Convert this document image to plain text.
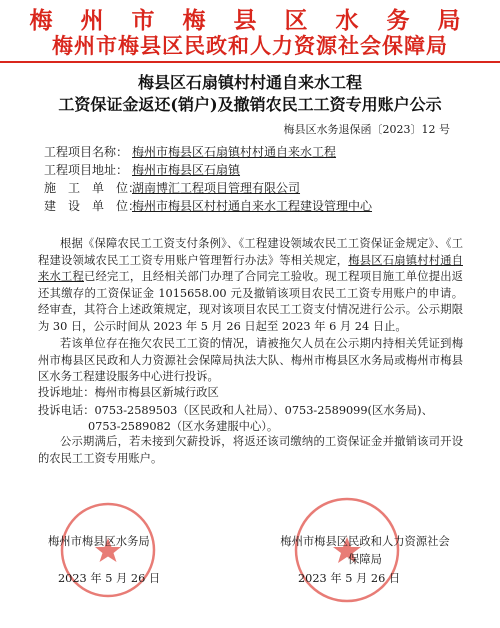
梅 州 市 梅 县 区 水 务 局
梅州市梅县区民政和人力资源社会保障局
梅县区石扇镇村村通自来水工程
工资保证金返还(销户)及撤销农民工工资专用账户公示
梅县区水务退保函〔2023〕12 号
工程项目名称： 梅州市梅县区石扇镇村村通自来水工程
工程项目地址： 梅州市梅县区石扇镇
施　工　单　位：湖南博汇工程项目管理有限公司
建　设　单　位：梅州市梅县区村村通自来水工程建设管理中心
根据《保障农民工工资支付条例》、《工程建设领域农民工工资保证金规定》、《工程建设领域农民工工资专用账户管理暂行办法》等相关规定，梅县区石扇镇村村通自来水工程已经完工，且经相关部门办理了合同完工验收。现工程项目施工单位提出返还其缴存的工资保证金 1015658.00 元及撤销该项目农民工工资专用账户的申请。经审查，其符合上述政策规定，现对该项目农民工工资支付情况进行公示。公示期限为 30 日，公示时间从 2023 年 5 月 26 日起至 2023 年 6 月 24 日止。
若该单位存在拖欠农民工工资的情况，请被拖欠人员在公示期内持相关凭证到梅州市梅县区民政和人力资源社会保障局执法大队、梅州市梅县区水务局或梅州市梅县区水务工程建设服务中心进行投诉。
投诉地址：梅州市梅县区新城行政区
投诉电话：0753-2589503（区民政和人社局）、0753-2589099(区水务局)、
0753-2589082（区水务建服中心）。
公示期满后，若未接到欠薪投诉，将返还该司缴纳的工资保证金并撤销该司开设的农民工工资专用账户。
梅州市梅县区水务局
2023 年 5 月 26 日
梅州市梅县区民政和人力资源社会保障局
2023 年 5 月 26 日
